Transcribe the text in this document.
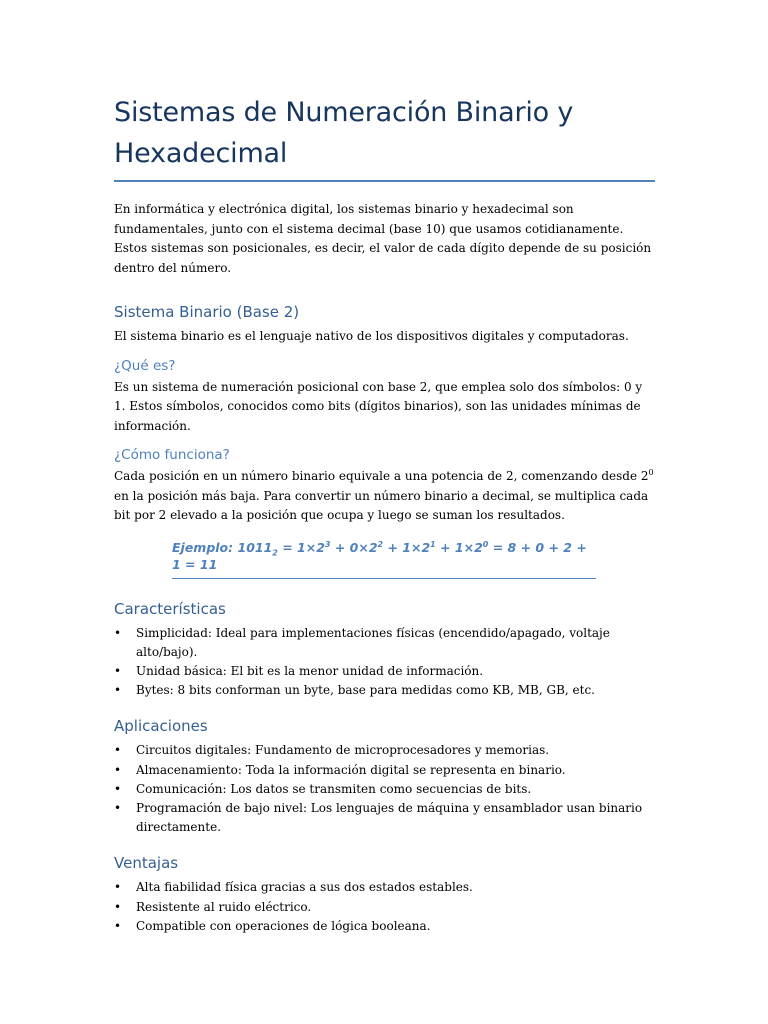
Sistemas de Numeración Binario y Hexadecimal

En informática y electrónica digital, los sistemas binario y hexadecimal son fundamentales, junto con el sistema decimal (base 10) que usamos cotidianamente. Estos sistemas son posicionales, es decir, el valor de cada dígito depende de su posición dentro del número.

Sistema Binario (Base 2)

El sistema binario es el lenguaje nativo de los dispositivos digitales y computadoras.

¿Qué es?

Es un sistema de numeración posicional con base 2, que emplea solo dos símbolos: 0 y 1. Estos símbolos, conocidos como bits (dígitos binarios), son las unidades mínimas de información.

¿Cómo funciona?

Cada posición en un número binario equivale a una potencia de 2, comenzando desde $2^0$ en la posición más baja. Para convertir un número binario a decimal, se multiplica cada bit por 2 elevado a la posición que ocupa y luego se suman los resultados.

Ejemplo: $1011_2 = 1\times 2^3 + 0\times 2^2 + 1\times 2^1 + 1\times 2^0 = 8 + 0 + 2 + 1 = 11$
Características
• Simplicidad: Ideal para implementaciones físicas (encendido/apagado, voltaje alto/bajo).
• Unidad básica: El bit es la menor unidad de información.
• Bytes: 8 bits conforman un byte, base para medidas como KB, MB, GB, etc.
Aplicaciones
• Circuitos digitales: Fundamento de microprocesadores y memorias.
• Almacenamiento: Toda la información digital se representa en binario.
• Comunicación: Los datos se transmiten como secuencias de bits.
• Programación de bajo nivel: Los lenguajes de máquina y ensamblador usan binario directamente.
Ventajas
• Alta fiabilidad física gracias a sus dos estados estables.
• Resistente al ruido eléctrico.
• Compatible con operaciones de lógica booleana.
